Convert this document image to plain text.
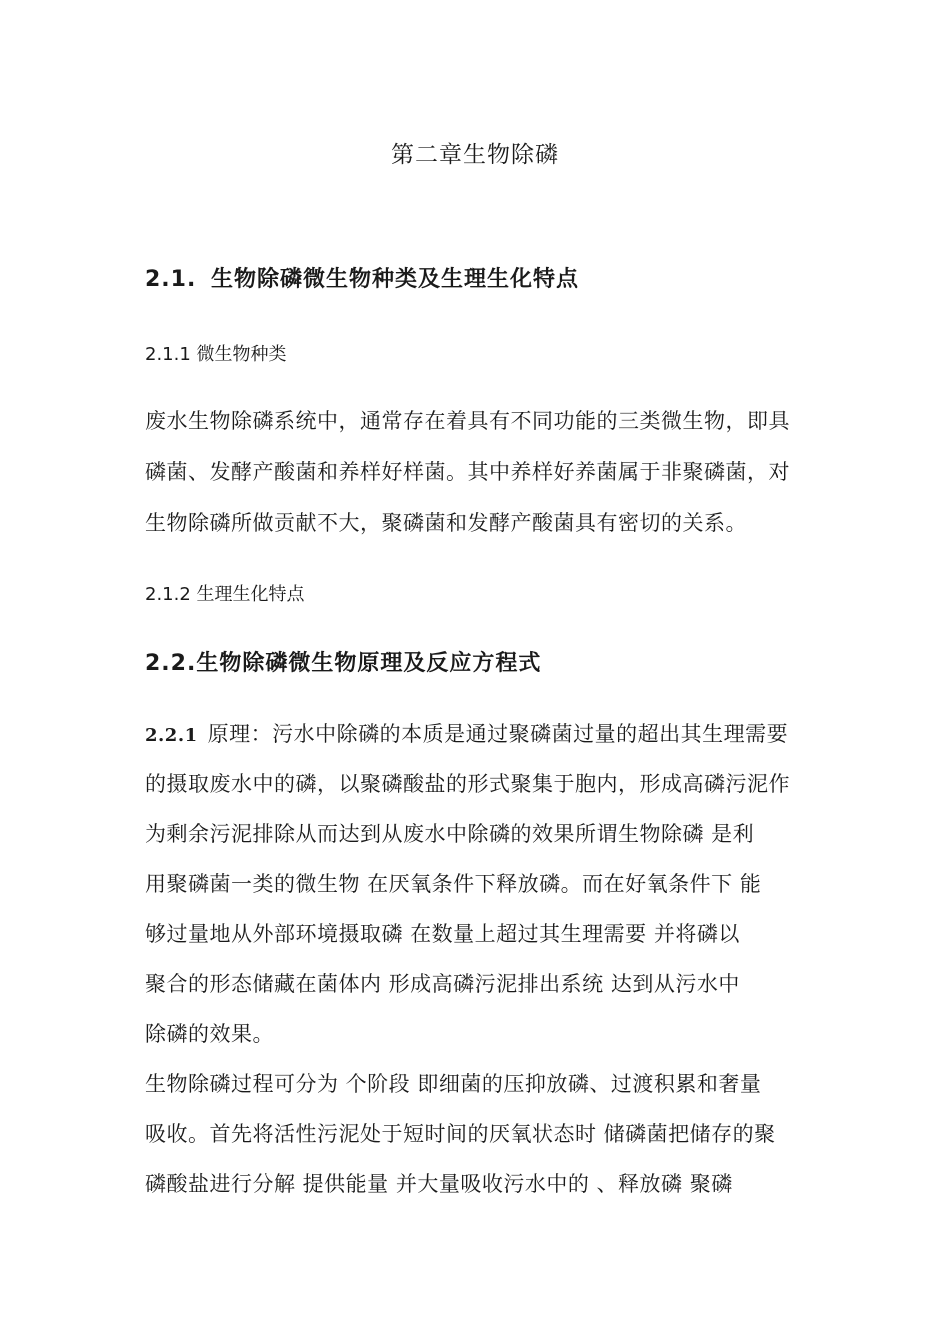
第二章生物除磷
2.1. 生物除磷微生物种类及生理生化特点
2.1.1 微生物种类
废水生物除磷系统中，通常存在着具有不同功能的三类微生物，即具
磷菌、发酵产酸菌和养样好样菌。其中养样好养菌属于非聚磷菌，对
生物除磷所做贡献不大，聚磷菌和发酵产酸菌具有密切的关系。
2.1.2 生理生化特点
2.2.生物除磷微生物原理及反应方程式
2.2.1 原理：污水中除磷的本质是通过聚磷菌过量的超出其生理需要
的摄取废水中的磷，以聚磷酸盐的形式聚集于胞内，形成高磷污泥作
为剩余污泥排除从而达到从废水中除磷的效果所谓生物除磷 是利
用聚磷菌一类的微生物 在厌氧条件下释放磷。而在好氧条件下 能
够过量地从外部环境摄取磷 在数量上超过其生理需要 并将磷以
聚合的形态储藏在菌体内 形成高磷污泥排出系统 达到从污水中
除磷的效果。
生物除磷过程可分为 个阶段 即细菌的压抑放磷、过渡积累和奢量
吸收。首先将活性污泥处于短时间的厌氧状态时 储磷菌把储存的聚
磷酸盐进行分解 提供能量 并大量吸收污水中的 、释放磷 聚磷
